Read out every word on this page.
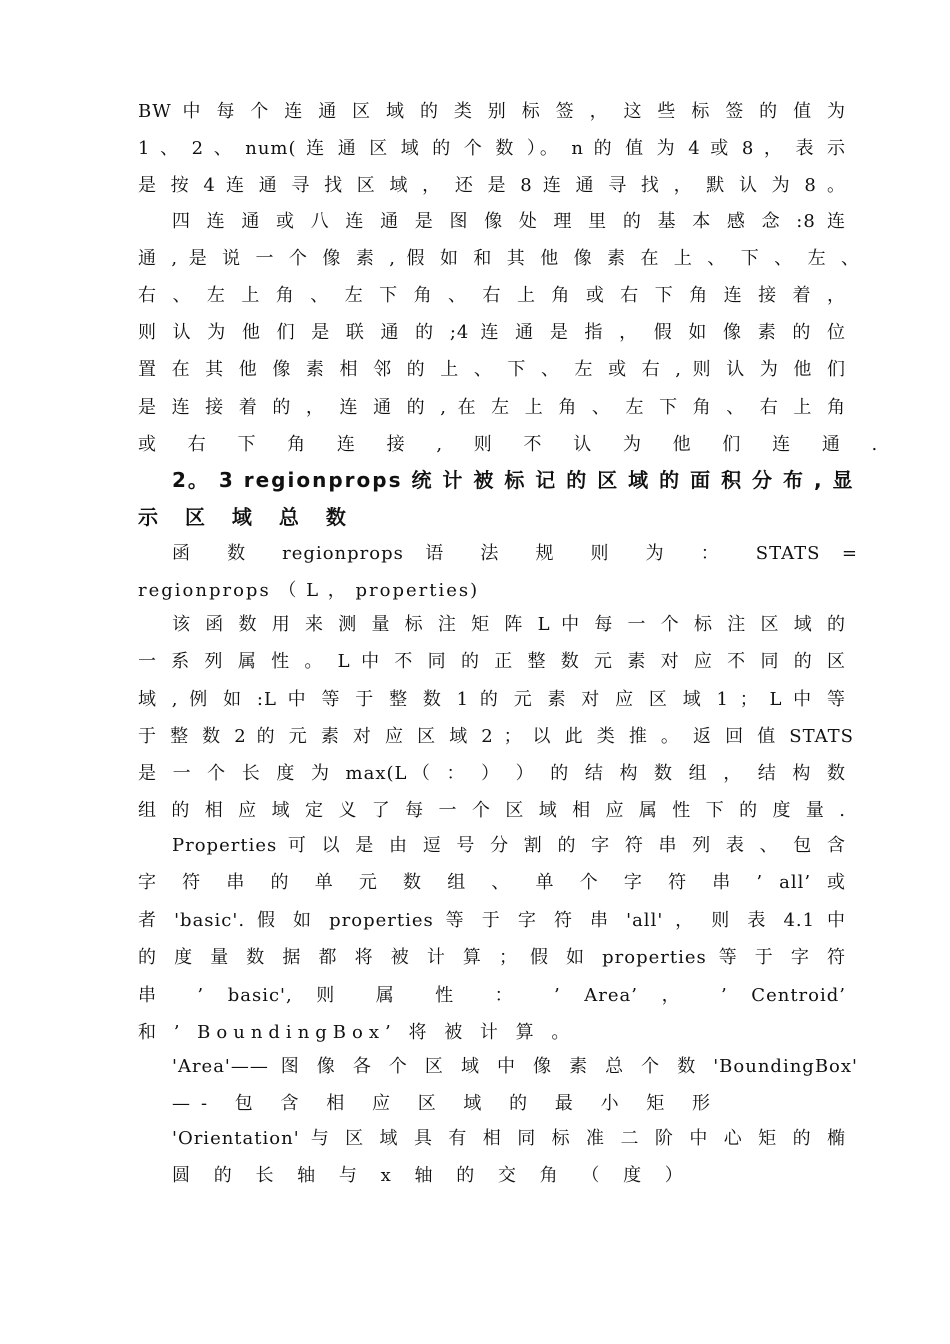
BW 中 每 个 连 通 区 域 的 类 别 标 签 ， 这 些 标 签 的 值 为
1 、 2 、 num( 连 通 区 域 的 个 数 ）。 n 的 值 为 4 或 8 ， 表 示
是 按 4 连 通 寻 找 区 域 ， 还 是 8 连 通 寻 找 ， 默 认 为 8 。
四 连 通 或 八 连 通 是 图 像 处 理 里 的 基 本 感 念 :8 连
通 , 是 说 一 个 像 素 , 假 如 和 其 他 像 素 在 上 、 下 、 左 、
右 、 左 上 角 、 左 下 角 、 右 上 角 或 右 下 角 连 接 着 ，
则 认 为 他 们 是 联 通 的 ;4 连 通 是 指 ， 假 如 像 素 的 位
置 在 其 他 像 素 相 邻 的 上 、 下 、 左 或 右 , 则 认 为 他 们
是 连 接 着 的 ， 连 通 的 , 在 左 上 角 、 左 下 角 、 右 上 角
或 右 下 角 连 接 , 则 不 认 为 他 们 连 通 .
2。 3 regionprops 统 计 被 标 记 的 区 域 的 面 积 分 布 , 显
示 区 域 总 数
函 数 regionprops 语 法 规 则 为 ： STATS =
regionprops （ L ， properties)
该 函 数 用 来 测 量 标 注 矩 阵 L 中 每 一 个 标 注 区 域 的
一 系 列 属 性 。 L 中 不 同 的 正 整 数 元 素 对 应 不 同 的 区
域 , 例 如 :L 中 等 于 整 数 1 的 元 素 对 应 区 域 1 ； L 中 等
于 整 数 2 的 元 素 对 应 区 域 2 ； 以 此 类 推 。 返 回 值 STATS
是 一 个 长 度 为 max(L（ ： ） ） 的 结 构 数 组 ， 结 构 数
组 的 相 应 域 定 义 了 每 一 个 区 域 相 应 属 性 下 的 度 量 .
Properties 可 以 是 由 逗 号 分 割 的 字 符 串 列 表 、 包 含
字 符 串 的 单 元 数 组 、 单 个 字 符 串 ’ all’ 或
者 'basic'. 假 如 properties 等 于 字 符 串 'all' ， 则 表 4.1 中
的 度 量 数 据 都 将 被 计 算 ； 假 如 properties 等 于 字 符
串 ’ basic', 则 属 性 ： ’ Area’ ， ’ Centroid’
和 ’ BoundingBox’ 将 被 计 算 。
'Area'—— 图 像 各 个 区 域 中 像 素 总 个 数 'BoundingBox'
—- 包 含 相 应 区 域 的 最 小 矩 形
'Orientation' 与 区 域 具 有 相 同 标 准 二 阶 中 心 矩 的 椭
圆 的 长 轴 与 x 轴 的 交 角 （ 度 ）
